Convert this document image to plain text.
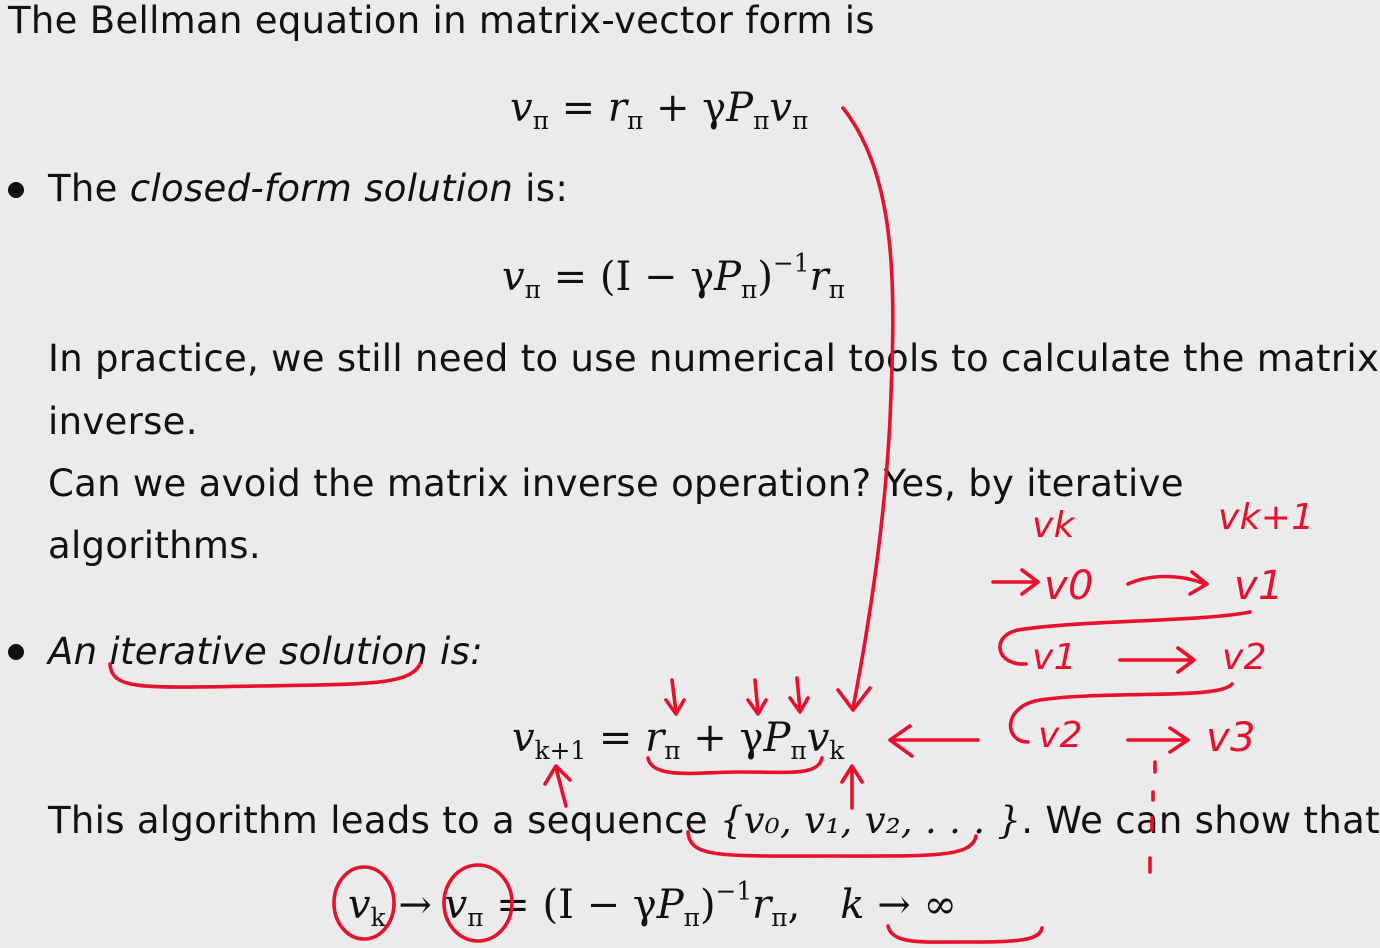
The Bellman equation in matrix-vector form is
$v_\pi = r_\pi + \gamma P_\pi v_\pi$
The closed-form solution is:
$v_\pi = (I - \gamma P_\pi)^{-1}r_\pi$
In practice, we still need to use numerical tools to calculate the matrix
inverse.
Can we avoid the matrix inverse operation? Yes, by iterative
algorithms.
An iterative solution is:
$v_{k+1} = r_\pi + \gamma P_\pi v_k$
This algorithm leads to a sequence {v₀, v₁, v₂, . . . }. We can show that
$v_k \to v_\pi = (I - \gamma P_\pi)^{-1}r_\pi$, k → ∞
vk	vk+1
v0	v1
v1	v2
v2	v3
